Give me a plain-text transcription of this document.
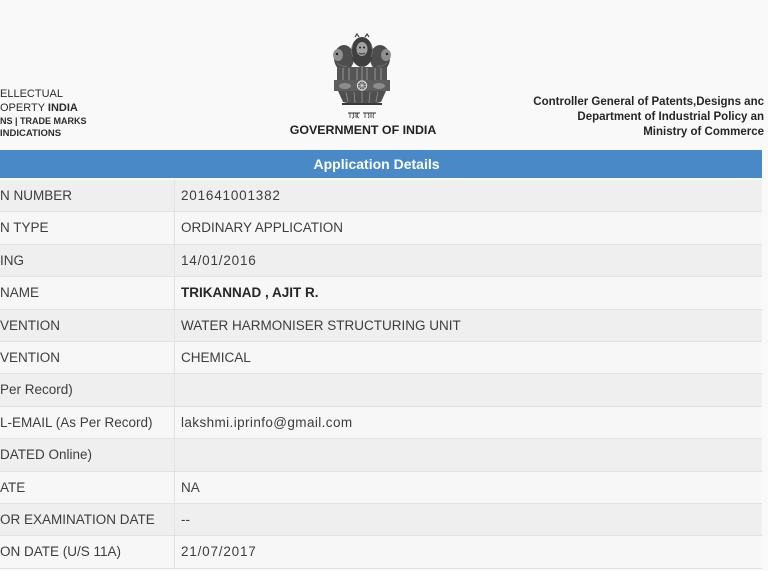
ELLECTUAL
OPERTY INDIA
NS | TRADE MARKS
INDICATIONS	GOVERNMENT OF INDIA
Controller General of Patents,Designs anc
Department of Industrial Policy an
Ministry of Commerce
Application Details
N NUMBER	201641001382
N TYPE	ORDINARY APPLICATION
ING	14/01/2016
NAME	TRIKANNAD , AJIT R.
VENTION	WATER HARMONISER STRUCTURING UNIT
VENTION	CHEMICAL
Per Record)
L-EMAIL (As Per Record)	lakshmi.iprinfo@gmail.com
DATED Online)
ATE	NA
OR EXAMINATION DATE	--
ON DATE (U/S 11A)	21/07/2017
